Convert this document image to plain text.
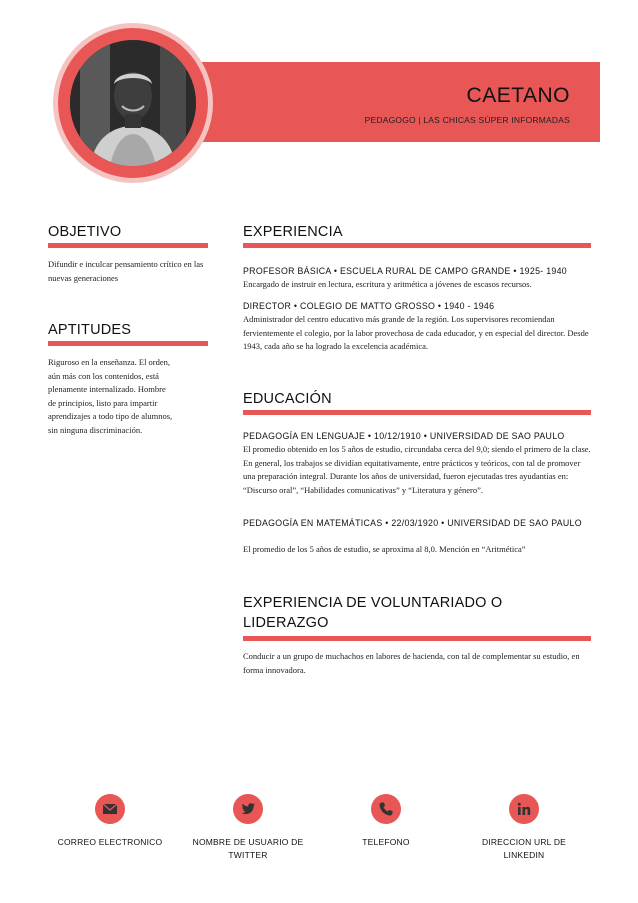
CAETANO
PEDAGOGO | LAS CHICAS SÚPER INFORMADAS
OBJETIVO
Difundir e inculcar pensamiento crítico en las nuevas generaciones
APTITUDES
Riguroso en la enseñanza. El orden, aún más con los contenidos, está plenamente internalizado. Hombre de principios, listo para impartir aprendizajes a todo tipo de alumnos, sin ninguna discriminación.
EXPERIENCIA
PROFESOR BÁSICA • ESCUELA RURAL DE CAMPO GRANDE • 1925- 1940
Encargado de instruir en lectura, escritura y aritmética a jóvenes de escasos recursos.
DIRECTOR • COLEGIO DE MATTO GROSSO • 1940 - 1946
Administrador del centro educativo más grande de la región. Los supervisores recomiendan fervientemente el colegio, por la labor provechosa de cada educador, y en especial del director. Desde 1943, cada año se ha logrado la excelencia académica.
EDUCACIÓN
PEDAGOGÍA EN LENGUAJE • 10/12/1910 • UNIVERSIDAD DE SAO PAULO
El promedio obtenido en los 5 años de estudio, circundaba cerca del 9,0; siendo el primero de la clase. En general, los trabajos se dividían equitativamente, entre prácticos y teóricos, con tal de promover una preparación integral. Durante los años de universidad, fueron ejecutadas tres ayudantías en: “Discurso oral”, “Habilidades comunicativas” y “Literatura y género”.
PEDAGOGÍA EN MATEMÁTICAS • 22/03/1920 • UNIVERSIDAD DE SAO PAULO
El promedio de los 5 años de estudio, se aproxima al 8,0. Mención en “Aritmética”
EXPERIENCIA DE VOLUNTARIADO O LIDERAZGO
Conducir a un grupo de muchachos en labores de hacienda, con tal de complementar su estudio, en forma innovadora.
CORREO ELECTRONICO	NOMBRE DE USUARIO DE TWITTER
TELEFONO	DIRECCION URL DE LINKEDIN
